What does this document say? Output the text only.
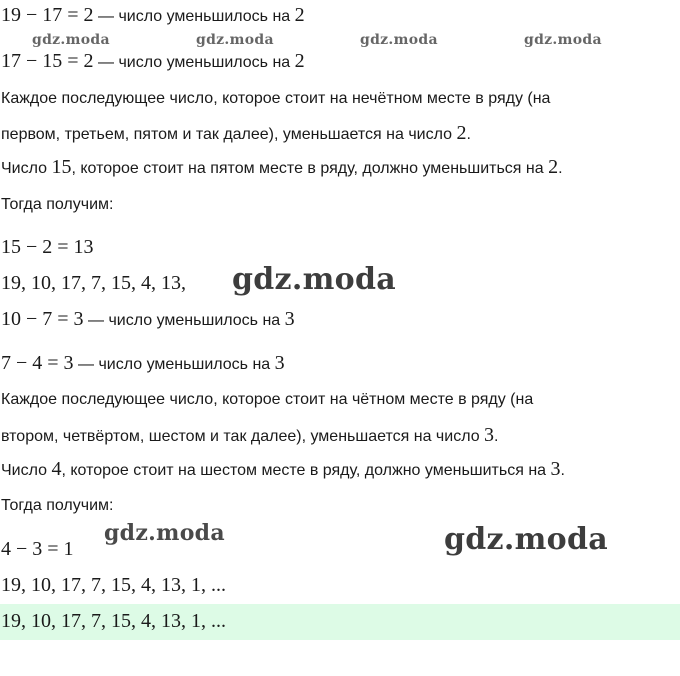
19 − 17 = 2 — число уменьшилось на 2
17 − 15 = 2 — число уменьшилось на 2
Каждое последующее число, которое стоит на нечётном месте в ряду (на
первом, третьем, пятом и так далее), уменьшается на число 2.
Число 15, которое стоит на пятом месте в ряду, должно уменьшиться на 2.
Тогда получим:
15 − 2 = 13
19, 10, 17, 7, 15, 4, 13,
10 − 7 = 3 — число уменьшилось на 3
7 − 4 = 3 — число уменьшилось на 3
Каждое последующее число, которое стоит на чётном месте в ряду (на
втором, четвёртом, шестом и так далее), уменьшается на число 3.
Число 4, которое стоит на шестом месте в ряду, должно уменьшиться на 3.
Тогда получим:
4 − 3 = 1
19, 10, 17, 7, 15, 4, 13, 1, ...
19, 10, 17, 7, 15, 4, 13, 1, ...
gdz.moda	gdz.moda	gdz.moda	gdz.moda
gdz.moda
gdz.moda	gdz.moda
